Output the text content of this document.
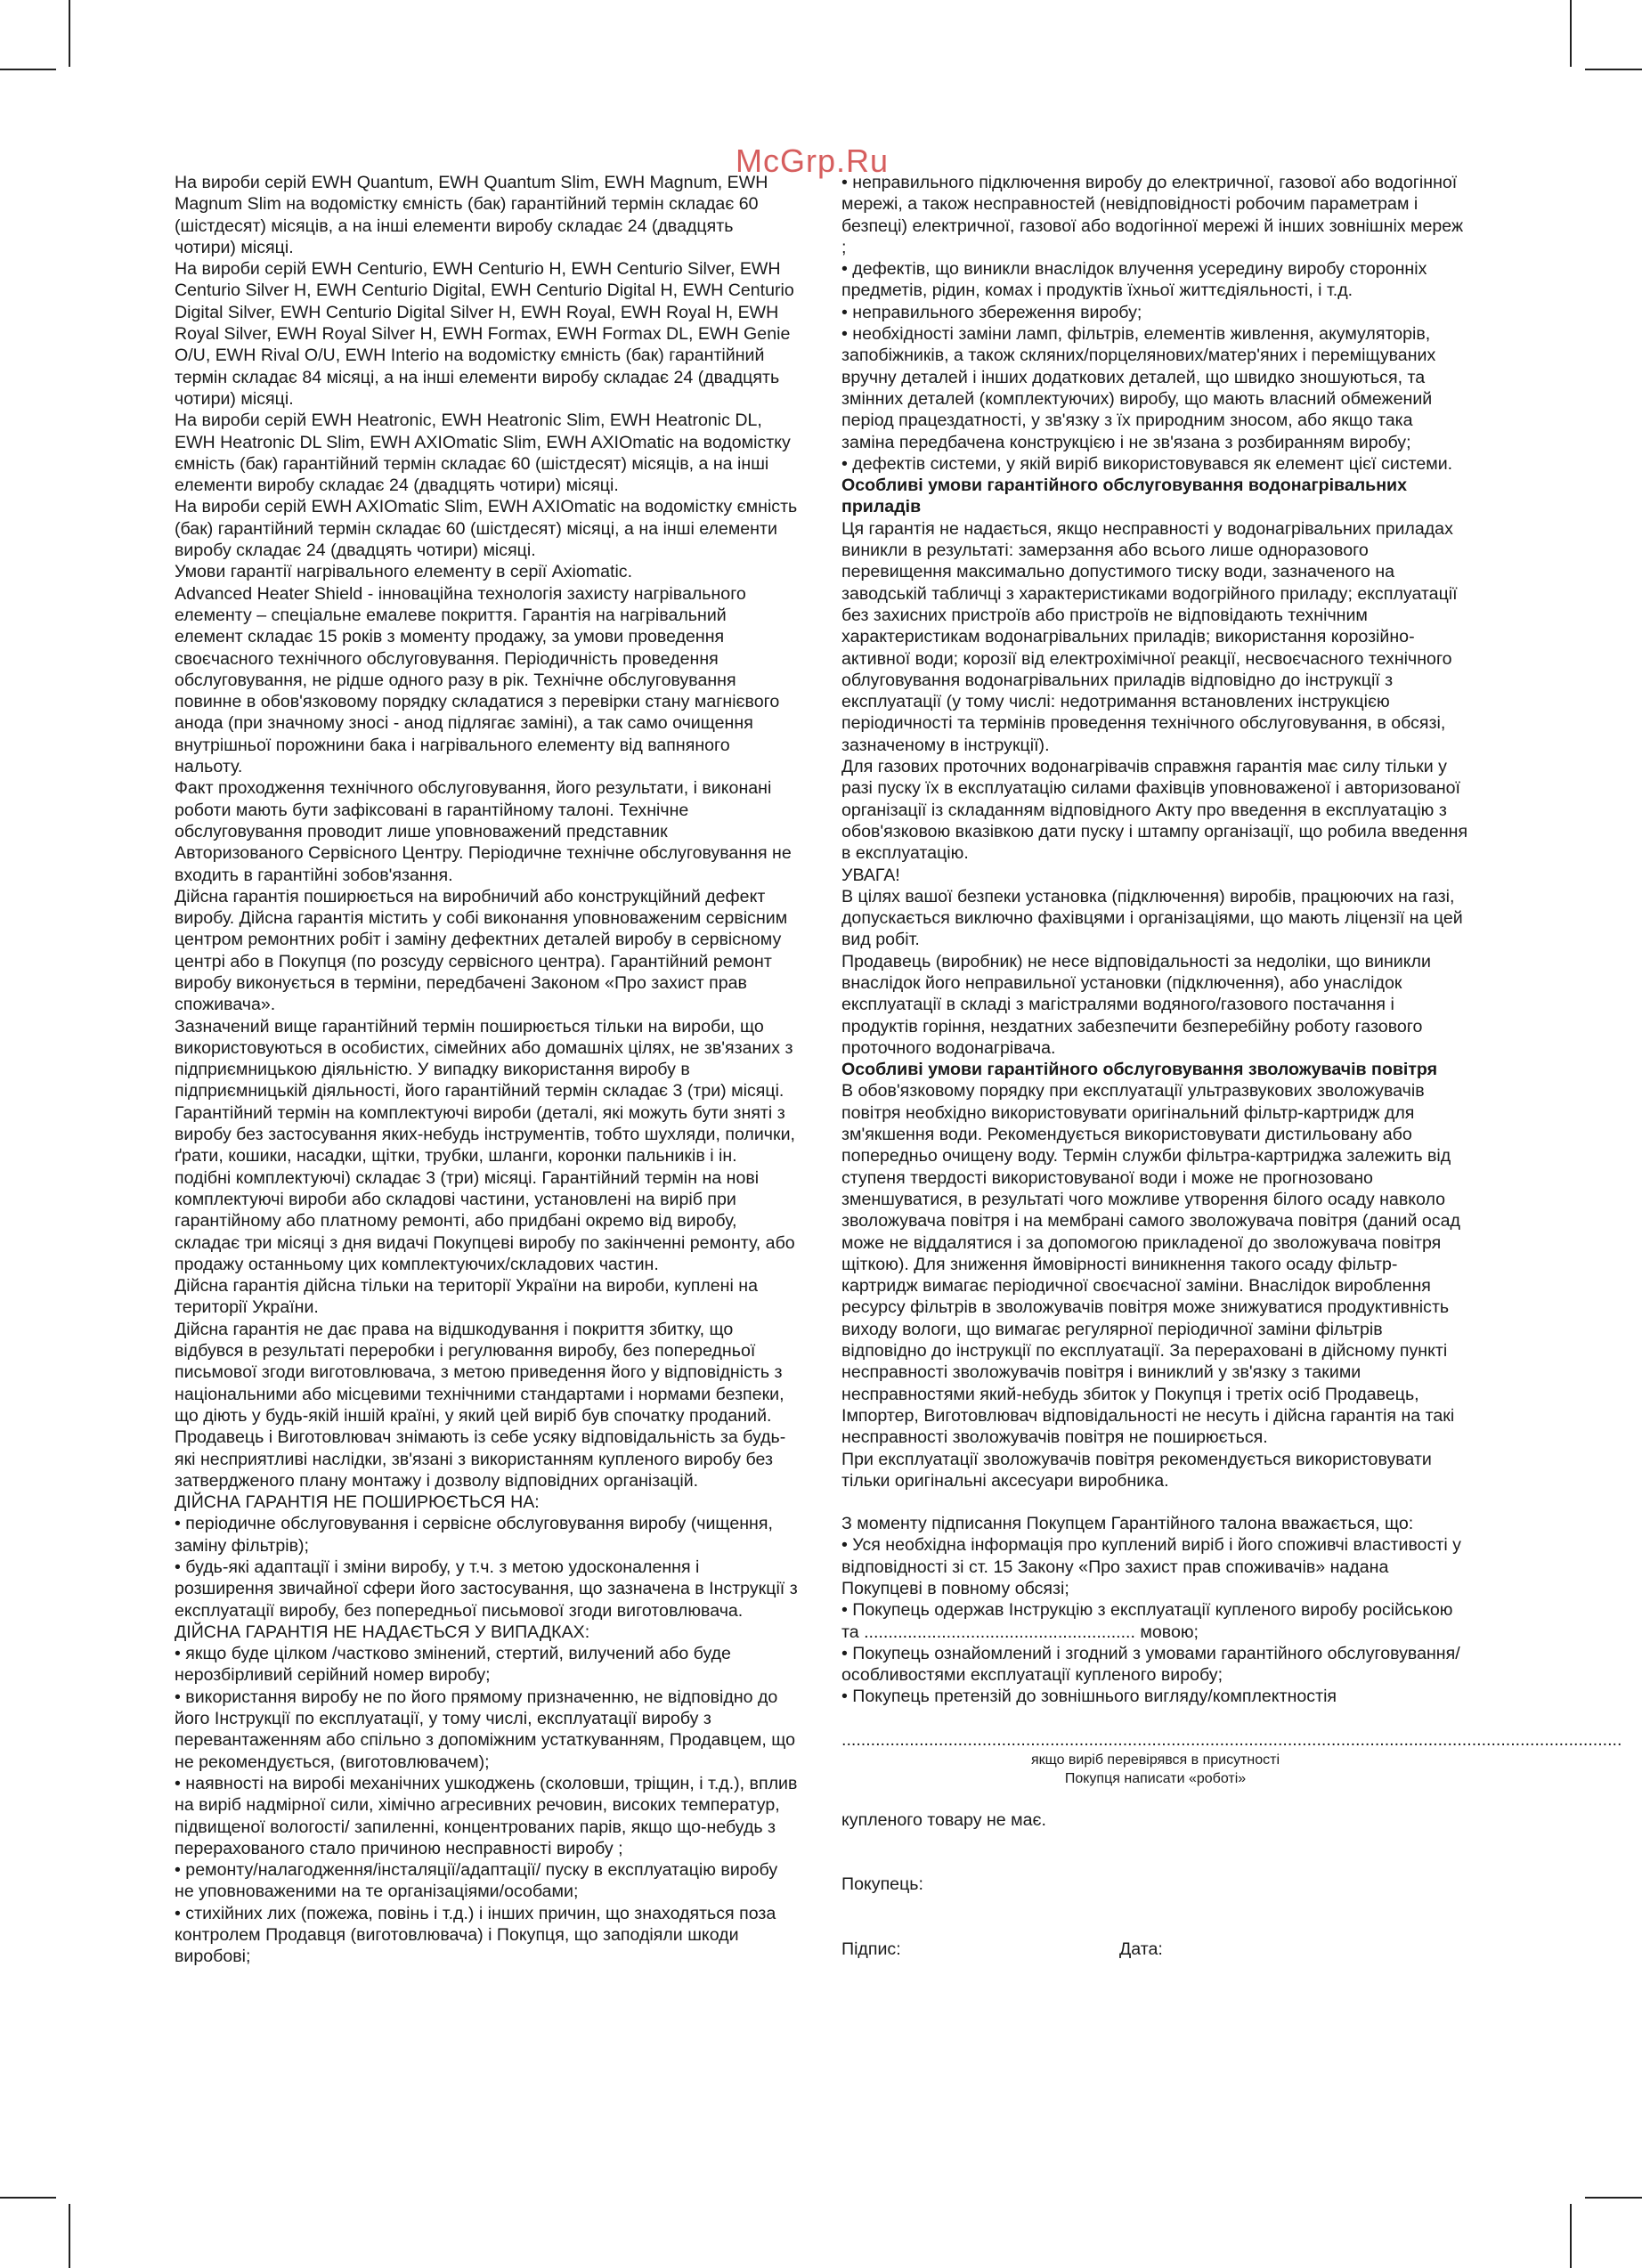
McGrp.Ru

На вироби серій EWH Quantum, EWH Quantum Slim, EWH Magnum, EWH Magnum Slim на водомістку ємність (бак) гарантійний термін складає 60 (шістдесят) місяців, а на інші елементи виробу складає 24 (двадцять чотири) місяці.

На вироби серій EWH Centurio, EWH Centurio H, EWH Centurio Silver, EWH Centurio Silver H, EWH Centurio Digital, EWH Centurio Digital H, EWH Centurio Digital Silver, EWH Centurio Digital Silver H, EWH Royal, EWH Royal H, EWH Royal Silver, EWH Royal Silver H, EWH Formax, EWH Formax DL, EWH Genie O/U, EWH Rival O/U, EWH Interio на водомістку ємність (бак) гарантійний термін складає 84 місяці, а на інші елементи виробу складає 24 (двадцять чотири) місяці.

На вироби серій EWH Heatronic, EWH Heatronic Slim, EWH Heatronic DL, EWH Heatronic DL Slim, EWH AXIOmatic Slim, EWH AXIOmatic на водомістку ємність (бак) гарантійний термін складає 60 (шістдесят) місяців, а на інші елементи виробу складає 24 (двадцять чотири) місяці.

На вироби серій EWH AXIOmatic Slim, EWH AXIOmatic на водомістку ємність (бак) гарантійний термін складає 60 (шістдесят) місяці, а на інші елементи виробу складає 24 (двадцять чотири) місяці.

Умови гарантії нагрівального елементу в серії Axiomatic.

Advanced Heater Shield - інноваційна технологія захисту нагрівального елементу – спеціальне емалеве покриття. Гарантія на нагрівальний елемент складає 15 років з моменту продажу, за умови проведення своєчасного технічного обслуговування. Періодичність проведення обслуговування, не рідше одного разу в рік. Технічне обслуговування повинне в обов'язковому порядку складатися з перевірки стану магнієвого анода (при значному зносі - анод підлягає заміні), а так само очищення внутрішньої порожнини бака і нагрівального елементу від вапняного нальоту.

Факт проходження технічного обслуговування, його результати, і виконані роботи мають бути зафіксовані в гарантійному талоні. Технічне обслуговування проводит лише уповноважений представник Авторизованого Сервісного Центру. Періодичне технічне обслуговування не входить в гарантійні зобов'язання.

Дійсна гарантія поширюється на виробничий або конструкційний дефект виробу. Дійсна гарантія містить у собі виконання уповноваженим сервісним центром ремонтних робіт і заміну дефектних деталей виробу в сервісному центрі або в Покупця (по розсуду сервісного центра). Гарантійний ремонт виробу виконується в терміни, передбачені Законом «Про захист прав споживача».

Зазначений вище гарантійний термін поширюється тільки на вироби, що використовуються в особистих, сімейних або домашніх цілях, не зв'язаних з підприємницькою діяльністю. У випадку використання виробу в підприємницькій діяльності, його гарантійний термін складає 3 (три) місяці. Гарантійний термін на комплектуючі вироби (деталі, які можуть бути зняті з виробу без застосування яких-небудь інструментів, тобто шухляди, полички, ґрати, кошики, насадки, щітки, трубки, шланги, коронки пальників і ін. подібні комплектуючі) складає 3 (три) місяці. Гарантійний термін на нові комплектуючі вироби або складові частини, установлені на виріб при гарантійному або платному ремонті, або придбані окремо від виробу, складає три місяці з дня видачі Покупцеві виробу по закінченні ремонту, або продажу останньому цих комплектуючих/складових частин.

Дійсна гарантія дійсна тільки на території України на вироби, куплені на території України.

Дійсна гарантія не дає права на відшкодування і покриття збитку, що відбувся в результаті переробки і регулювання виробу, без попередньої письмової згоди виготовлювача, з метою приведення його у відповідність з національними або місцевими технічними стандартами і нормами безпеки, що діють у будь-якій іншій країні, у який цей виріб був спочатку проданий.

Продавець і Виготовлювач знімають із себе усяку відповідальність за будь-які несприятливі наслідки, зв'язані з використанням купленого виробу без затвердженого плану монтажу і дозволу відповідних організацій.

ДІЙСНА ГАРАНТІЯ НЕ ПОШИРЮЄТЬСЯ НА:

• періодичне обслуговування і сервісне обслуговування виробу (чищення, заміну фільтрів);

• будь-які адаптації і зміни виробу, у т.ч. з метою удосконалення і розширення звичайної сфери його застосування, що зазначена в Інструкції з експлуатації виробу, без попередньої письмової згоди виготовлювача.

ДІЙСНА ГАРАНТІЯ НЕ НАДАЄТЬСЯ У ВИПАДКАХ:

• якщо буде цілком /частково змінений, стертий, вилучений або буде нерозбірливий серійний номер виробу;

• використання виробу не по його прямому призначенню, не відповідно до його Інструкції по експлуатації, у тому числі, експлуатації виробу з перевантаженням або спільно з допоміжним устаткуванням, Продавцем, що не рекомендується, (виготовлювачем);

• наявності на виробі механічних ушкоджень (сколовши, тріщин, і т.д.), вплив на виріб надмірної сили, хімічно агресивних речовин, високих температур, підвищеної вологості/ запиленні, концентрованих парів, якщо що-небудь з перерахованого стало причиною несправності виробу ;

• ремонту/налагодження/інсталяції/адаптації/ пуску в експлуатацію виробу не уповноваженими на те організаціями/особами;

• стихійних лих (пожежа, повінь і т.д.) і інших причин, що знаходяться поза контролем Продавця (виготовлювача) і Покупця, що заподіяли шкоди виробові;

• неправильного підключення виробу до електричної, газової або водогінної мережі, а також несправностей (невідповідності робочим параметрам і безпеці) електричної, газової або водогінної мережі й інших зовнішніх мереж ;

• дефектів, що виникли внаслідок влучення усередину виробу сторонніх предметів, рідин, комах і продуктів їхньої життєдіяльності, і т.д.

• неправильного збереження виробу;

• необхідності заміни ламп, фільтрів, елементів живлення, акумуляторів, запобіжників, а також скляних/порцелянових/матер'яних і переміщуваних вручну деталей і інших додаткових деталей, що швидко зношуються, та змінних деталей (комплектуючих) виробу, що мають власний обмежений період працездатності, у зв'язку з їх природним зносом, або якщо така заміна передбачена конструкцією і не зв'язана з розбиранням виробу;

• дефектів системи, у якій виріб використовувався як елемент цієї системи.

Особливі умови гарантійного обслуговування водонагрівальних приладів

Ця гарантія не надається, якщо несправності у водонагрівальних приладах виникли в результаті: замерзання або всього лише одноразового перевищення максимально допустимого тиску води, зазначеного на заводській табличці з характеристиками водогрійного приладу; експлуатації без захисних пристроїв або пристроїв не відповідають технічним характеристикам водонагрівальних приладів; використання корозійно-активної води; корозії від електрохімічної реакції, несвоєчасного технічного облуговування водонагрівальних приладів відповідно до інструкції з експлуатації (у тому числі: недотримання встановлених інструкцією періодичності та термінів проведення технічного обслуговування, в обсязі, зазначеному в інструкції).

Для газових проточних водонагрівачів справжня гарантія має силу тільки у разі пуску їх в експлуатацію силами фахівців уповноваженої і авторизованої організації із складанням відповідного Акту про введення в експлуатацію з обов'язковою вказівкою дати пуску і штампу організації, що робила введення в експлуатацію.

УВАГА!

В цілях вашої безпеки установка (підключення) виробів, працюючих на газі, допускається виключно фахівцями і організаціями, що мають ліцензії на цей вид робіт.

Продавець (виробник) не несе відповідальності за недоліки, що виникли внаслідок його неправильної установки (підключення), або унаслідок експлуатації в складі з магістралями водяного/газового постачання і продуктів горіння, нездатних забезпечити безперебійну роботу газового проточного водонагрівача.

Особливі умови гарантійного обслуговування зволожувачів повітря

В обов'язковому порядку при експлуатації ультразвукових зволожувачів повітря необхідно використовувати оригінальний фільтр-картридж для зм'якшення води. Рекомендується використовувати дистильовану або попередньо очищену воду. Термін служби фільтра-картриджа залежить від ступеня твердості використовуваної води і може не прогнозовано зменшуватися, в результаті чого можливе утворення білого осаду навколо зволожувача повітря і на мембрані самого зволожувача повітря (даний осад може не віддалятися і за допомогою прикладеної до зволожувача повітря щіткою). Для зниження ймовірності виникнення такого осаду фільтр-картридж вимагає періодичної своєчасної заміни. Внаслідок вироблення ресурсу фільтрів в зволожувачів повітря може знижуватися продуктивність виходу вологи, що вимагає регулярної періодичної заміни фільтрів відповідно до інструкції по експлуатації. За перераховані в дійсному пункті несправності зволожувачів повітря і виниклий у зв'язку з такими несправностями який-небудь збиток у Покупця і третіх осіб Продавець, Імпортер, Виготовлювач відповідальності не несуть і дійсна гарантія на такі несправності зволожувачів повітря не поширюється.

При експлуатації зволожувачів повітря рекомендується використовувати тільки оригінальні аксесуари виробника.

З моменту підписання Покупцем Гарантійного талона вважається, що:

• Уся необхідна інформація про куплений виріб і його споживчі властивості у відповідності зі ст. 15 Закону «Про захист прав споживачів» надана Покупцеві в повному обсязі;

• Покупець одержав Інструкцію з експлуатації купленого виробу російською та ........................................................ мовою;

• Покупець ознайомлений і згодний з умовами гарантійного обслуговування/особливостями експлуатації купленого виробу;

• Покупець претензій до зовнішнього вигляду/комплектностія

.................................................................................................................................................................

якщо виріб перевірявся в присутності

Покупця написати «роботі»

купленого товару не має.

Покупець:

Підпис:	Дата:
